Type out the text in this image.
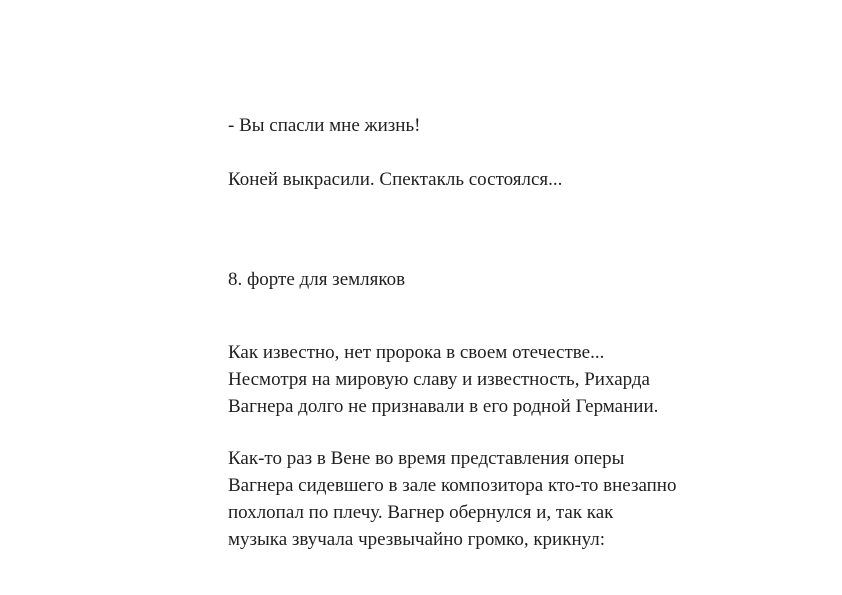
- Вы спасли мне жизнь!

Коней выкрасили. Спектакль состоялся...

8. форте для земляков

Как известно, нет пророка в своем отечестве...

Несмотря на мировую славу и известность, Рихарда

Вагнера долго не признавали в его родной Германии.

Как-то раз в Вене во время представления оперы

Вагнера сидевшего в зале композитора кто-то внезапно

похлопал по плечу. Вагнер обернулся и, так как

музыка звучала чрезвычайно громко, крикнул:
